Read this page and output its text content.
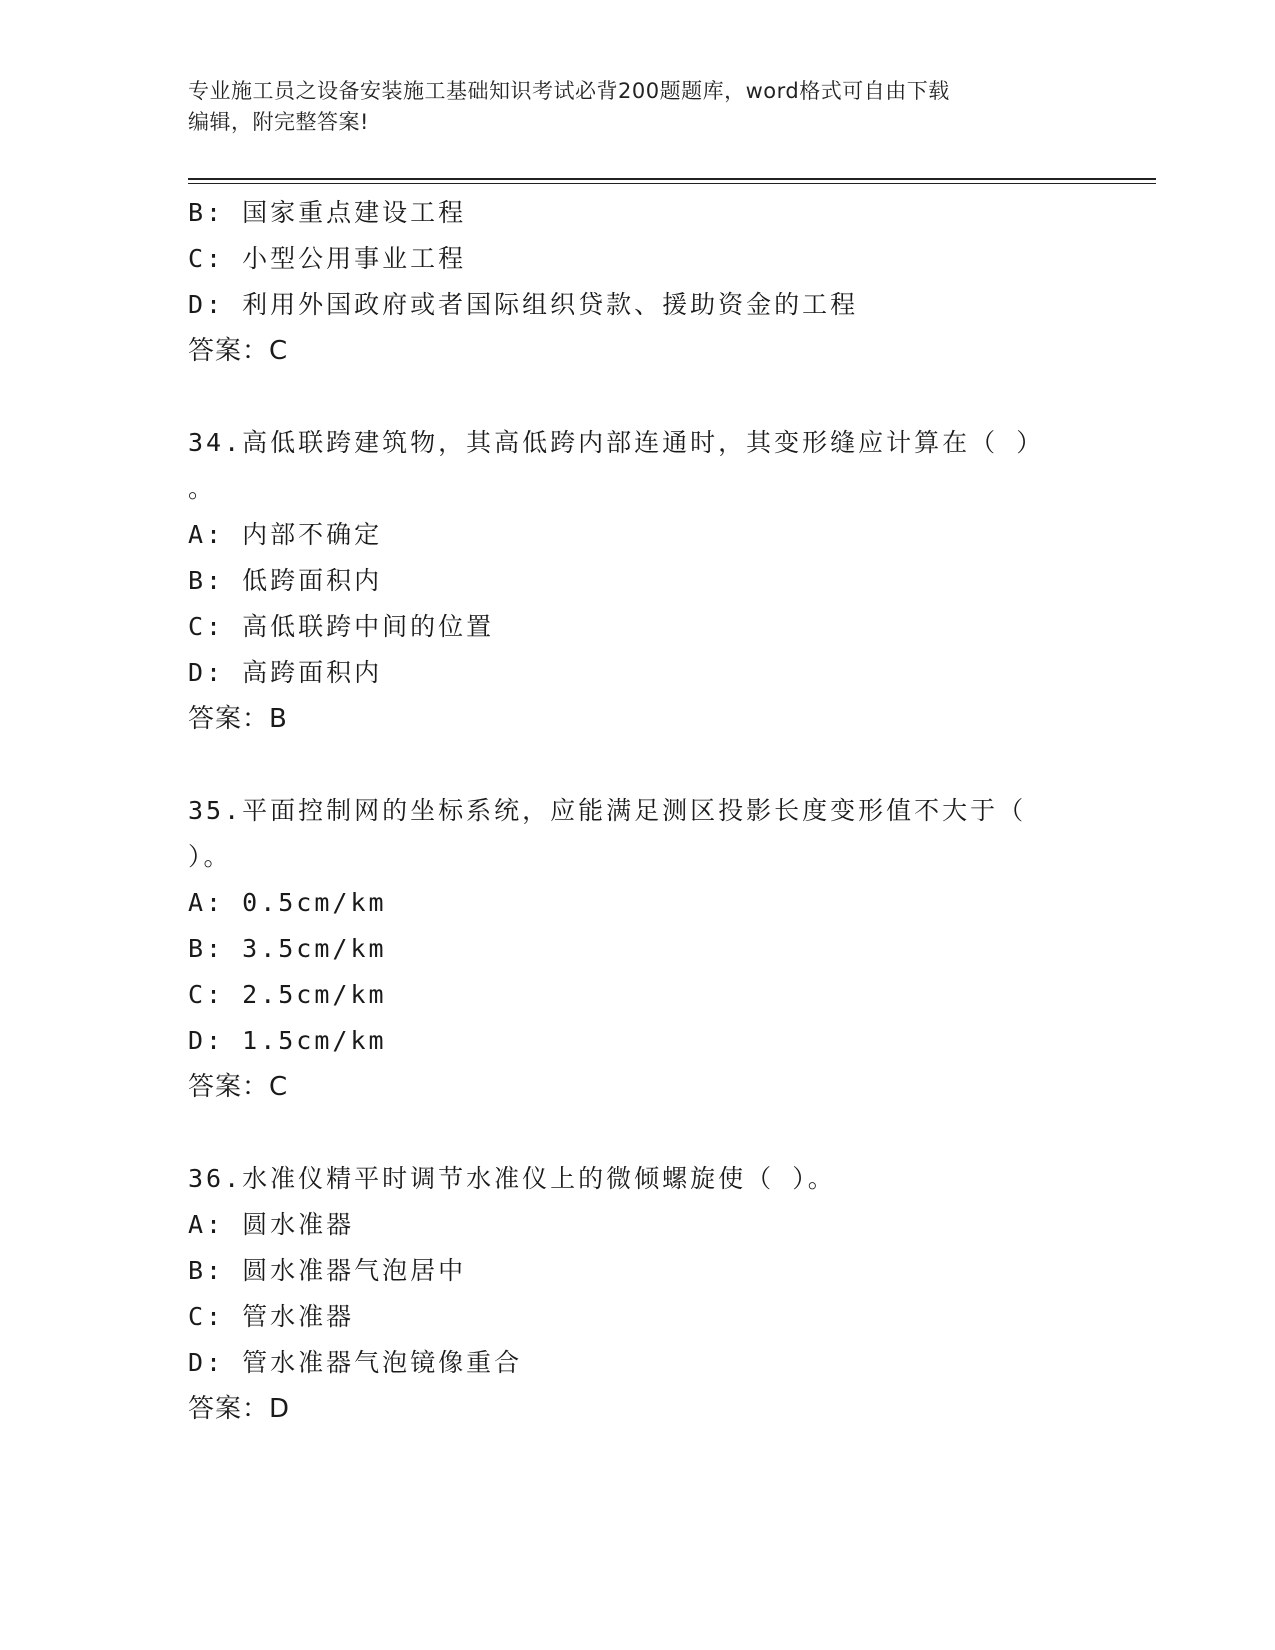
专业施工员之设备安装施工基础知识考试必背200题题库，word格式可自由下载
编辑，附完整答案!

B: 国家重点建设工程

C: 小型公用事业工程

D: 利用外国政府或者国际组织贷款、援助资金的工程

答案：C

34.高低联跨建筑物，其高低跨内部连通时，其变形缝应计算在（ ）

。

A: 内部不确定

B: 低跨面积内

C: 高低联跨中间的位置

D: 高跨面积内

答案：B

35.平面控制网的坐标系统，应能满足测区投影长度变形值不大于（

）。

A: 0.5cm/km

B: 3.5cm/km

C: 2.5cm/km

D: 1.5cm/km

答案：C

36.水准仪精平时调节水准仪上的微倾螺旋使（ ）。

A: 圆水准器

B: 圆水准器气泡居中

C: 管水准器

D: 管水准器气泡镜像重合

答案：D
